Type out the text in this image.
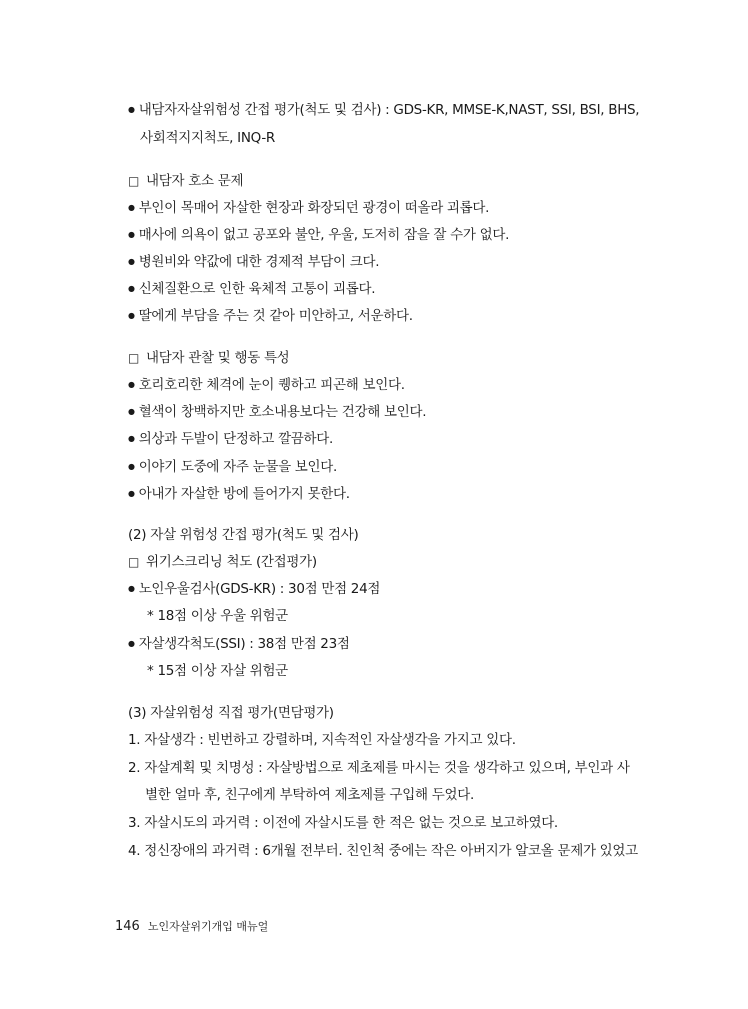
● 내담자자살위험성 간접 평가(척도 및 검사) : GDS-KR, MMSE-K,NAST, SSI, BSI, BHS,
사회적지지척도, INQ-R
□ 내담자 호소 문제
● 부인이 목매어 자살한 현장과 화장되던 광경이 떠올라 괴롭다.
● 매사에 의욕이 없고 공포와 불안, 우울, 도저히 잠을 잘 수가 없다.
● 병원비와 약값에 대한 경제적 부담이 크다.
● 신체질환으로 인한 육체적 고통이 괴롭다.
● 딸에게 부담을 주는 것 같아 미안하고, 서운하다.
□ 내담자 관찰 및 행동 특성
● 호리호리한 체격에 눈이 퀭하고 피곤해 보인다.
● 혈색이 창백하지만 호소내용보다는 건강해 보인다.
● 의상과 두발이 단정하고 깔끔하다.
● 이야기 도중에 자주 눈물을 보인다.
● 아내가 자살한 방에 들어가지 못한다.
(2) 자살 위험성 간접 평가(척도 및 검사)
□ 위기스크리닝 척도 (간접평가)
● 노인우울검사(GDS-KR) : 30점 만점 24점
* 18점 이상 우울 위험군
● 자살생각척도(SSI) : 38점 만점 23점
* 15점 이상 자살 위험군
(3) 자살위험성 직접 평가(면담평가)
1. 자살생각 : 빈번하고 강렬하며, 지속적인 자살생각을 가지고 있다.
2. 자살계획 및 치명성 : 자살방법으로 제초제를 마시는 것을 생각하고 있으며, 부인과 사
별한 얼마 후, 친구에게 부탁하여 제초제를 구입해 두었다.
3. 자살시도의 과거력 : 이전에 자살시도를 한 적은 없는 것으로 보고하였다.
4. 정신장애의 과거력 : 6개월 전부터. 친인척 중에는 작은 아버지가 알코올 문제가 있었고
146 노인자살위기개입 매뉴얼
